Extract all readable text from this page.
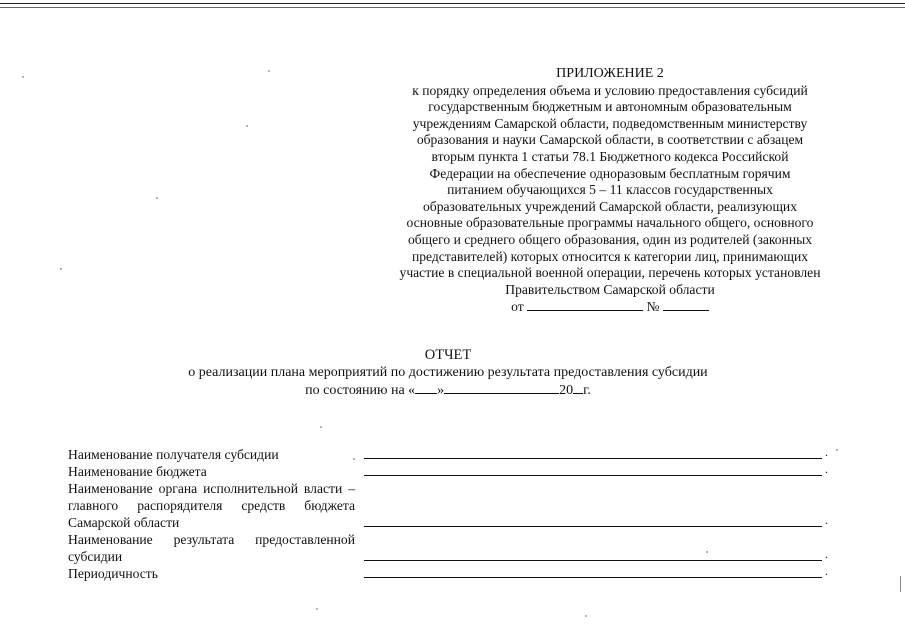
ПРИЛОЖЕНИЕ 2
к порядку определения объема и условию предоставления субсидий
государственным бюджетным и автономным образовательным
учреждениям Самарской области, подведомственным министерству
образования и науки Самарской области, в соответствии с абзацем
вторым пункта 1 статьи 78.1 Бюджетного кодекса Российской
Федерации на обеспечение одноразовым бесплатным горячим
питанием обучающихся 5 – 11 классов государственных
образовательных учреждений Самарской области, реализующих
основные образовательные программы начального общего, основного
общего и среднего общего образования, один из родителей (законных
представителей) которых относится к категории лиц, принимающих
участие в специальной военной операции, перечень которых установлен
Правительством Самарской области
от	№
ОТЧЕТ
о реализации плана мероприятий по достижению результата предоставления субсидии
по состоянию на « »	20 г.
Наименование получателя субсидии
.
Наименование бюджета
.
Наименование органа исполнительной власти – главного распорядителя средств бюджета Самарской области
.
Наименование результата предоставленной субсидии
.
Периодичность
.
